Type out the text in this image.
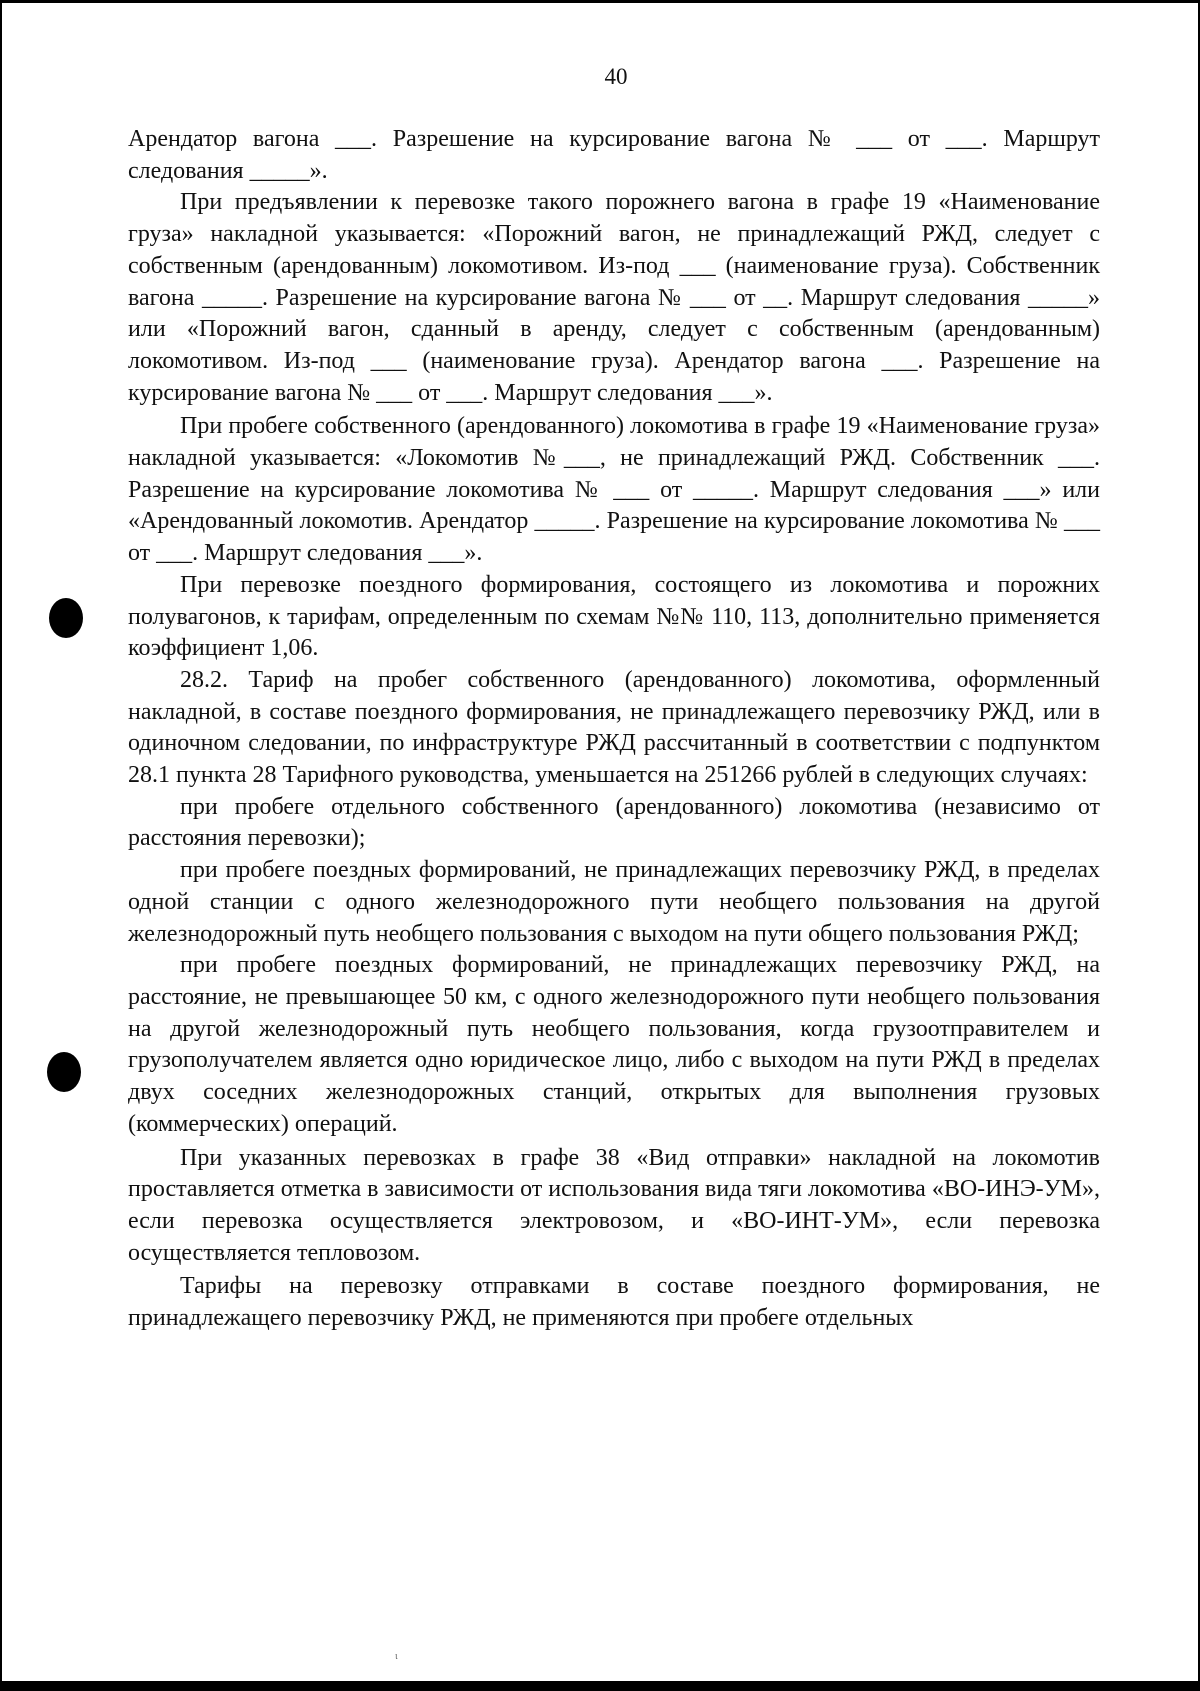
40

Арендатор вагона ___. Разрешение на курсирование вагона № ___ от ___. Маршрут следования _____».

При предъявлении к перевозке такого порожнего вагона в графе 19 «Наименование груза» накладной указывается: «Порожний вагон, не принадлежащий РЖД, следует с собственным (арендованным) локомотивом. Из-под ___ (наименование груза). Собственник вагона _____. Разрешение на курсирование вагона № ___ от __. Маршрут следования _____» или «Порожний вагон, сданный в аренду, следует с собственным (арендованным) локомотивом. Из-под ___ (наименование груза). Арендатор вагона ___. Разрешение на курсирование вагона № ___ от ___. Маршрут следования ___».

При пробеге собственного (арендованного) локомотива в графе 19 «Наименование груза» накладной указывается: «Локомотив №___, не принадлежащий РЖД. Собственник ___. Разрешение на курсирование локомотива № ___ от _____. Маршрут следования ___» или «Арендованный локомотив. Арендатор _____. Разрешение на курсирование локомотива № ___ от ___. Маршрут следования ___».

При перевозке поездного формирования, состоящего из локомотива и порожних полувагонов, к тарифам, определенным по схемам №№ 110, 113, дополнительно применяется коэффициент 1,06.

28.2. Тариф на пробег собственного (арендованного) локомотива, оформленный накладной, в составе поездного формирования, не принадлежащего перевозчику РЖД, или в одиночном следовании, по инфраструктуре РЖД рассчитанный в соответствии с подпунктом 28.1 пункта 28 Тарифного руководства, уменьшается на 251266 рублей в следующих случаях:

при пробеге отдельного собственного (арендованного) локомотива (независимо от расстояния перевозки);

при пробеге поездных формирований, не принадлежащих перевозчику РЖД, в пределах одной станции с одного железнодорожного пути необщего пользования на другой железнодорожный путь необщего пользования с выходом на пути общего пользования РЖД;

при пробеге поездных формирований, не принадлежащих перевозчику РЖД, на расстояние, не превышающее 50 км, с одного железнодорожного пути необщего пользования на другой железнодорожный путь необщего пользования, когда грузоотправителем и грузополучателем является одно юридическое лицо, либо с выходом на пути РЖД в пределах двух соседних железнодорожных станций, открытых для выполнения грузовых (коммерческих) операций.

При указанных перевозках в графе 38 «Вид отправки» накладной на локомотив проставляется отметка в зависимости от использования вида тяги локомотива «ВО-ИНЭ-УМ», если перевозка осуществляется электровозом, и «ВО-ИНТ-УМ», если перевозка осуществляется тепловозом.

Тарифы на перевозку отправками в составе поездного формирования, не принадлежащего перевозчику РЖД, не применяются при пробеге отдельных

ι
